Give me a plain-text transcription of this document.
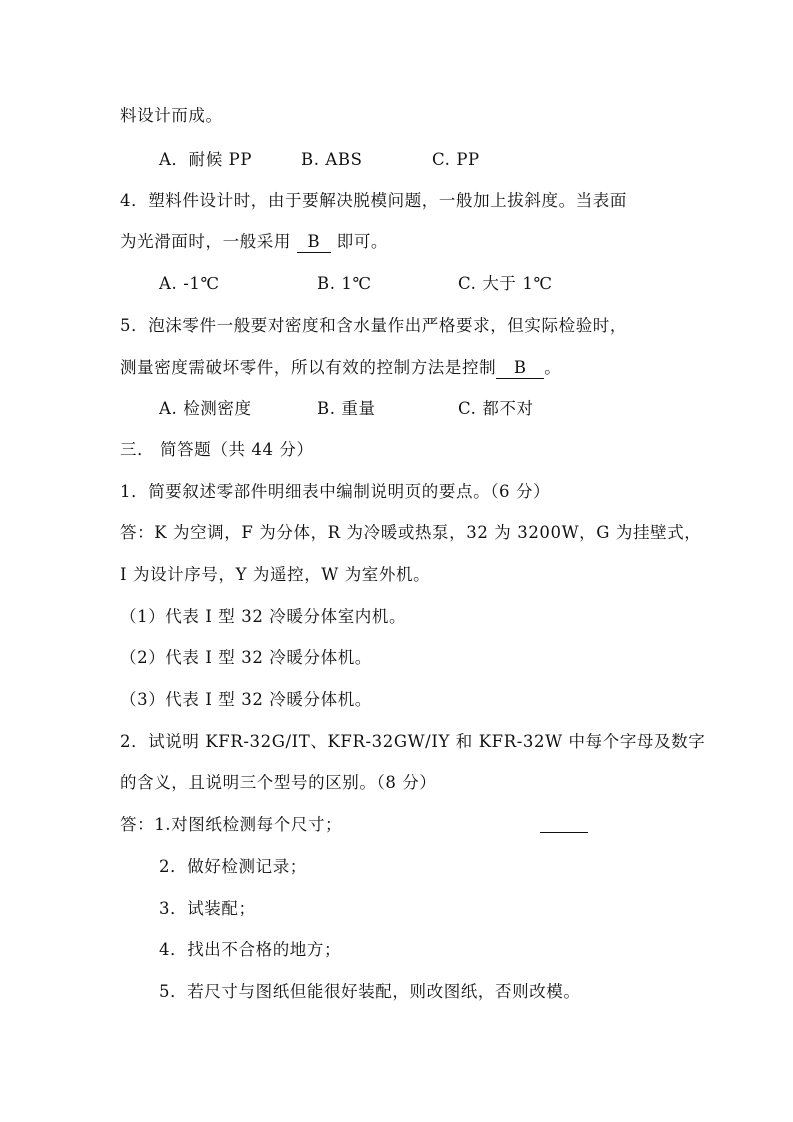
料设计而成。
A．耐候 PP	B. ABS	C. PP
4．塑料件设计时，由于要解决脱模问题，一般加上拔斜度。当表面
为光滑面时，一般采用 B 即可。
A. -1℃	B. 1℃	C. 大于 1℃
5．泡沫零件一般要对密度和含水量作出严格要求，但实际检验时，
测量密度需破坏零件，所以有效的控制方法是控制 B 。
A. 检测密度	B. 重量	C. 都不对
三． 简答题（共 44 分）
1．简要叙述零部件明细表中编制说明页的要点。（6 分）
答：K 为空调，F 为分体，R 为冷暖或热泵，32 为 3200W，G 为挂壁式，
I 为设计序号，Y 为遥控，W 为室外机。
（1）代表 I 型 32 冷暖分体室内机。
（2）代表 I 型 32 冷暖分体机。
（3）代表 I 型 32 冷暖分体机。
2．试说明 KFR-32G/IT、KFR-32GW/IY 和 KFR-32W 中每个字母及数字
的含义，且说明三个型号的区别。（8 分）
答：1.对图纸检测每个尺寸；
2．做好检测记录；
3．试装配；
4．找出不合格的地方；
5．若尺寸与图纸但能很好装配，则改图纸，否则改模。
